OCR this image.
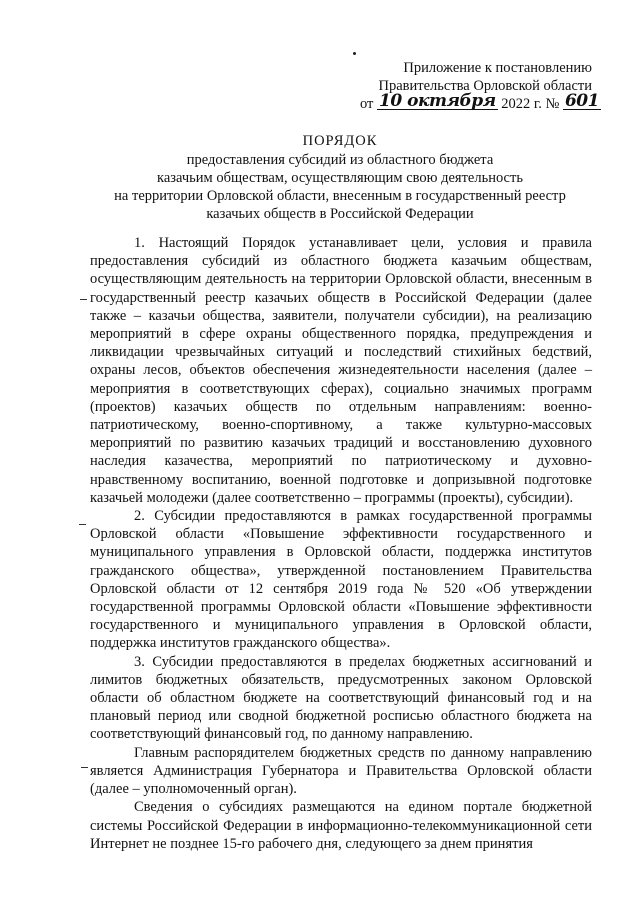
Приложение к постановлению
Правительства Орловской области
от 10 октября 2022 г. № 601
ПОРЯДОК
предоставления субсидий из областного бюджета
казачьим обществам, осуществляющим свою деятельность
на территории Орловской области, внесенным в государственный реестр
казачьих обществ в Российской Федерации

1. Настоящий Порядок устанавливает цели, условия и правила предоставления субсидий из областного бюджета казачьим обществам, осуществляющим деятельность на территории Орловской области, внесенным в государственный реестр казачьих обществ в Российской Федерации (далее также – казачьи общества, заявители, получатели субсидии), на реализацию мероприятий в сфере охраны общественного порядка, предупреждения и ликвидации чрезвычайных ситуаций и последствий стихийных бедствий, охраны лесов, объектов обеспечения жизнедеятельности населения (далее – мероприятия в соответствующих сферах), социально значимых программ (проектов) казачьих обществ по отдельным направлениям: военно-патриотическому, военно-спортивному, а также культурно-массовых мероприятий по развитию казачьих традиций и восстановлению духовного наследия казачества, мероприятий по патриотическому и духовно-нравственному воспитанию, военной подготовке и допризывной подготовке казачьей молодежи (далее соответственно – программы (проекты), субсидии).

2. Субсидии предоставляются в рамках государственной программы Орловской области «Повышение эффективности государственного и муниципального управления в Орловской области, поддержка институтов гражданского общества», утвержденной постановлением Правительства Орловской области от 12 сентября 2019 года № 520 «Об утверждении государственной программы Орловской области «Повышение эффективности государственного и муниципального управления в Орловской области, поддержка институтов гражданского общества».

3. Субсидии предоставляются в пределах бюджетных ассигнований и лимитов бюджетных обязательств, предусмотренных законом Орловской области об областном бюджете на соответствующий финансовый год и на плановый период или сводной бюджетной росписью областного бюджета на соответствующий финансовый год, по данному направлению.

Главным распорядителем бюджетных средств по данному направлению является Администрация Губернатора и Правительства Орловской области (далее – уполномоченный орган).

Сведения о субсидиях размещаются на едином портале бюджетной системы Российской Федерации в информационно-телекоммуникационной сети Интернет не позднее 15-го рабочего дня, следующего за днем принятия
